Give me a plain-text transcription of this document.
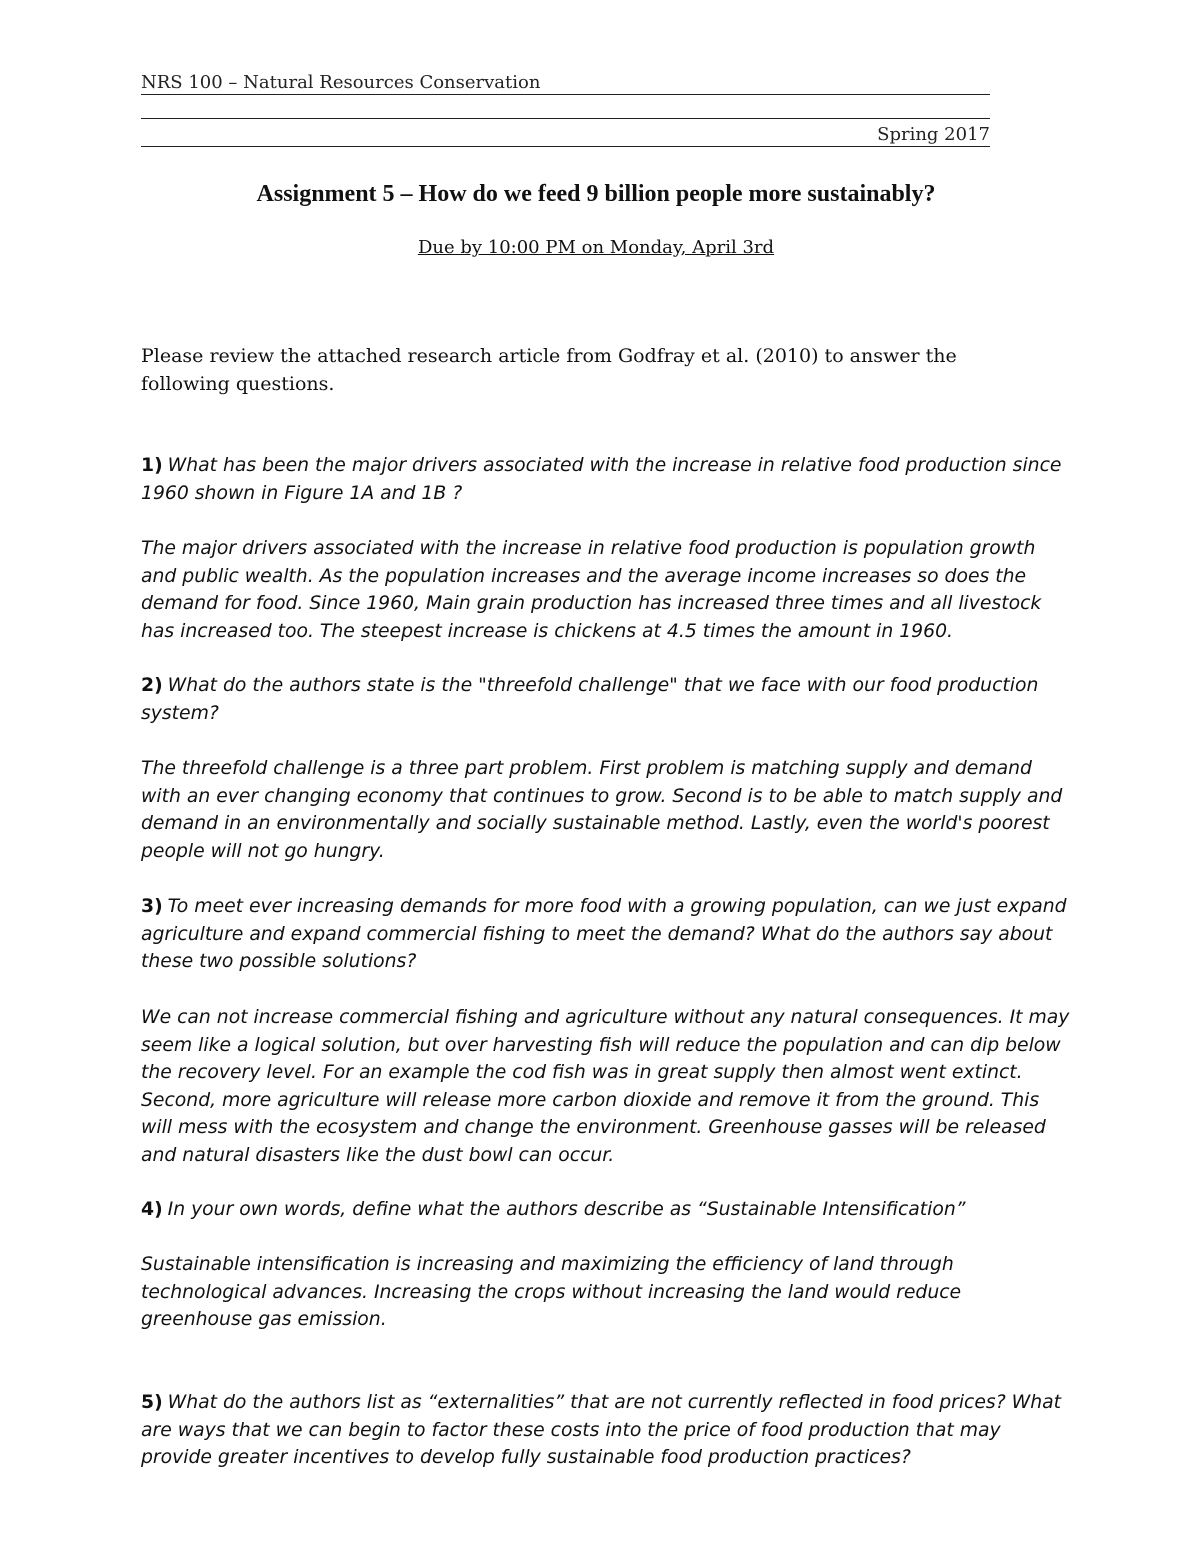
NRS 100 – Natural Resources Conservation
Spring 2017
Assignment 5 – How do we feed 9 billion people more sustainably?
Due by 10:00 PM on Monday, April 3rd

Please review the attached research article from Godfray et al. (2010) to answer the following questions.

1) What has been the major drivers associated with the increase in relative food production since 1960 shown in Figure 1A and 1B ?

The major drivers associated with the increase in relative food production is population growth and public wealth. As the population increases and the average income increases so does the demand for food. Since 1960, Main grain production has increased three times and all livestock has increased too. The steepest increase is chickens at 4.5 times the amount in 1960.

2) What do the authors state is the "threefold challenge" that we face with our food production system?

The threefold challenge is a three part problem. First problem is matching supply and demand with an ever changing economy that continues to grow. Second is to be able to match supply and demand in an environmentally and socially sustainable method. Lastly, even the world's poorest people will not go hungry.

3) To meet ever increasing demands for more food with a growing population, can we just expand agriculture and expand commercial fishing to meet the demand? What do the authors say about these two possible solutions?

We can not increase commercial fishing and agriculture without any natural consequences. It may seem like a logical solution, but over harvesting fish will reduce the population and can dip below the recovery level. For an example the cod fish was in great supply then almost went extinct. Second, more agriculture will release more carbon dioxide and remove it from the ground. This will mess with the ecosystem and change the environment. Greenhouse gasses will be released and natural disasters like the dust bowl can occur.

4) In your own words, define what the authors describe as “Sustainable Intensification”

Sustainable intensification is increasing and maximizing the efficiency of land through technological advances. Increasing the crops without increasing the land would reduce greenhouse gas emission.

5) What do the authors list as “externalities” that are not currently reflected in food prices? What are ways that we can begin to factor these costs into the price of food production that may provide greater incentives to develop fully sustainable food production practices?
